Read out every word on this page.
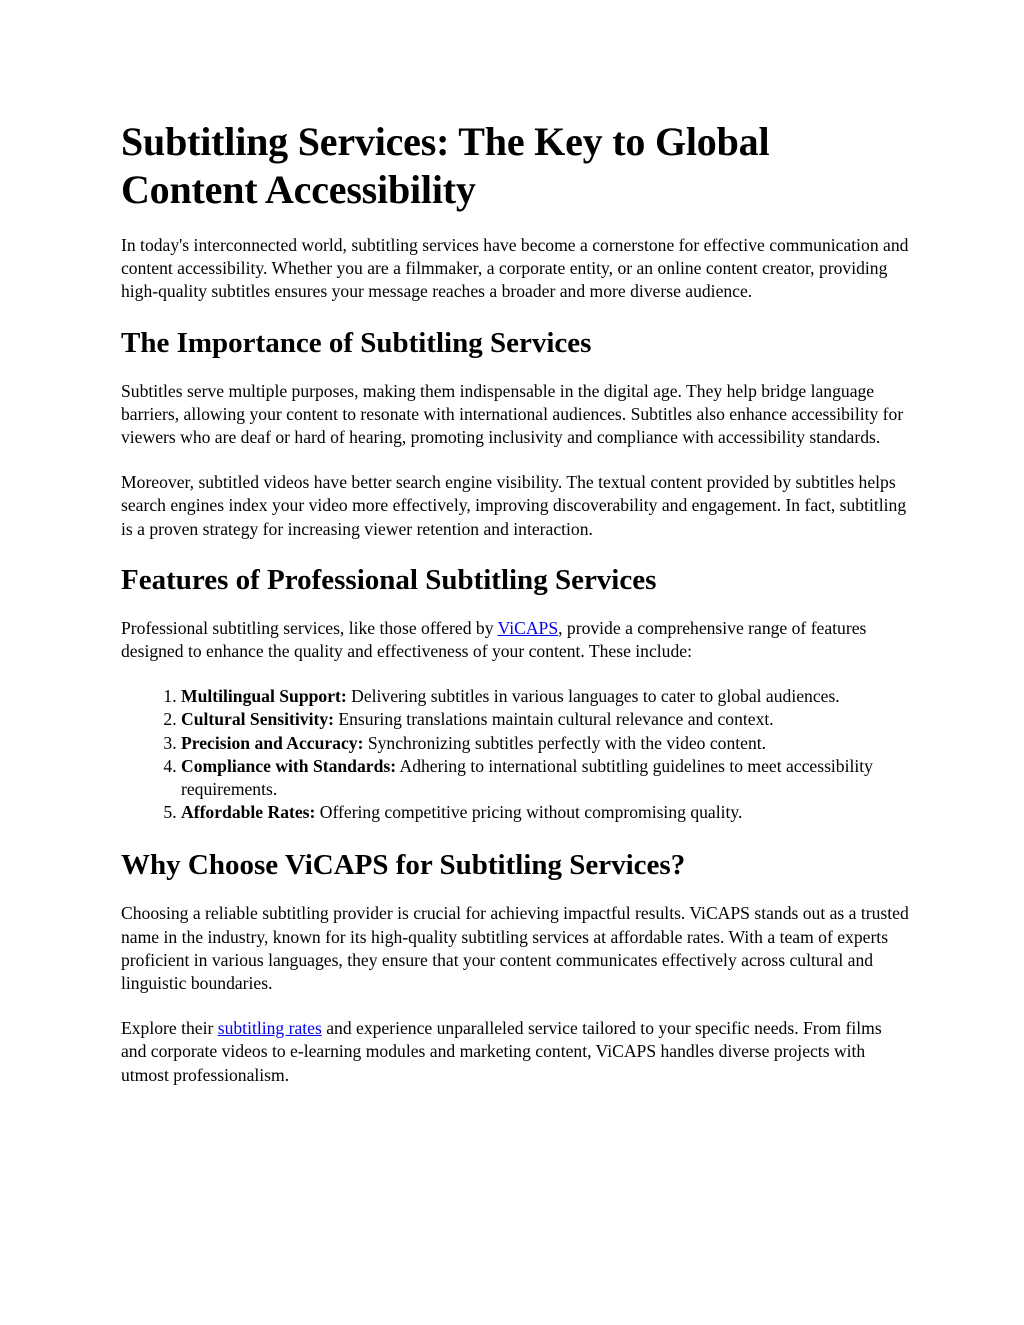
Subtitling Services: The Key to Global Content Accessibility

In today's interconnected world, subtitling services have become a cornerstone for effective communication and content accessibility. Whether you are a filmmaker, a corporate entity, or an online content creator, providing high-quality subtitles ensures your message reaches a broader and more diverse audience.

The Importance of Subtitling Services

Subtitles serve multiple purposes, making them indispensable in the digital age. They help bridge language barriers, allowing your content to resonate with international audiences. Subtitles also enhance accessibility for viewers who are deaf or hard of hearing, promoting inclusivity and compliance with accessibility standards.

Moreover, subtitled videos have better search engine visibility. The textual content provided by subtitles helps search engines index your video more effectively, improving discoverability and engagement. In fact, subtitling is a proven strategy for increasing viewer retention and interaction.

Features of Professional Subtitling Services

Professional subtitling services, like those offered by ViCAPS, provide a comprehensive range of features designed to enhance the quality and effectiveness of your content. These include:

1. Multilingual Support: Delivering subtitles in various languages to cater to global audiences.
2. Cultural Sensitivity: Ensuring translations maintain cultural relevance and context.
3. Precision and Accuracy: Synchronizing subtitles perfectly with the video content.
4. Compliance with Standards: Adhering to international subtitling guidelines to meet accessibility requirements.
5. Affordable Rates: Offering competitive pricing without compromising quality.
Why Choose ViCAPS for Subtitling Services?

Choosing a reliable subtitling provider is crucial for achieving impactful results. ViCAPS stands out as a trusted name in the industry, known for its high-quality subtitling services at affordable rates. With a team of experts proficient in various languages, they ensure that your content communicates effectively across cultural and linguistic boundaries.

Explore their subtitling rates and experience unparalleled service tailored to your specific needs. From films and corporate videos to e-learning modules and marketing content, ViCAPS handles diverse projects with utmost professionalism.
